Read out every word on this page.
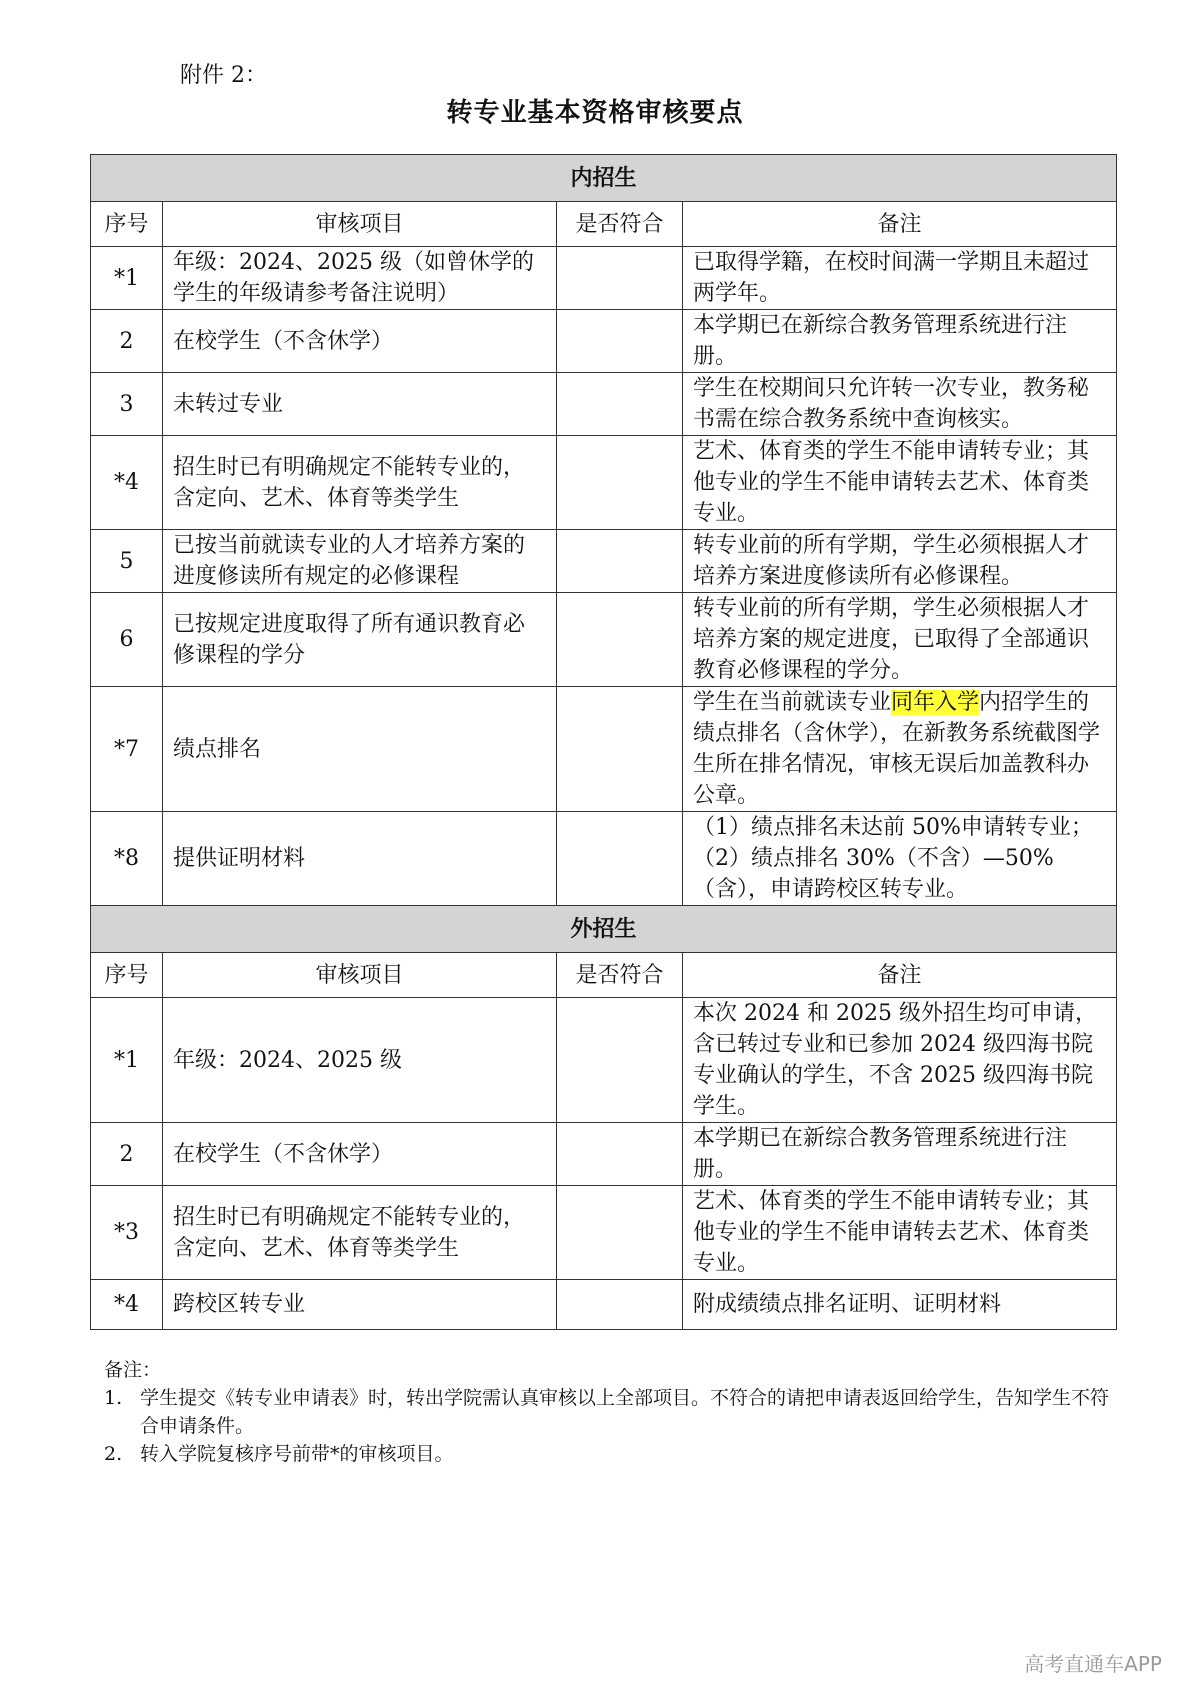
附件 2：
转专业基本资格审核要点
内招生			
序号	审核项目	是否符合	备注
*1	年级：2024、2025 级（如曾休学的学生的年级请参考备注说明）		已取得学籍，在校时间满一学期且未超过两学年。
2	在校学生（不含休学）		本学期已在新综合教务管理系统进行注册。
3	未转过专业		学生在校期间只允许转一次专业，教务秘书需在综合教务系统中查询核实。
*4	招生时已有明确规定不能转专业的，含定向、艺术、体育等类学生		艺术、体育类的学生不能申请转专业；其他专业的学生不能申请转去艺术、体育类专业。
5	已按当前就读专业的人才培养方案的进度修读所有规定的必修课程		转专业前的所有学期，学生必须根据人才培养方案进度修读所有必修课程。
6	已按规定进度取得了所有通识教育必修课程的学分		转专业前的所有学期，学生必须根据人才培养方案的规定进度，已取得了全部通识教育必修课程的学分。
*7	绩点排名		学生在当前就读专业同年入学内招学生的绩点排名（含休学），在新教务系统截图学生所在排名情况，审核无误后加盖教科办公章。
*8	提供证明材料		（1）绩点排名未达前 50%申请转专业；
（2）绩点排名 30%（不含）—50%（含），申请跨校区转专业。

外招生			
序号	审核项目	是否符合	备注
*1	年级：2024、2025 级		本次 2024 和 2025 级外招生均可申请，含已转过专业和已参加 2024 级四海书院专业确认的学生，不含 2025 级四海书院学生。
2	在校学生（不含休学）		本学期已在新综合教务管理系统进行注册。
*3	招生时已有明确规定不能转专业的，含定向、艺术、体育等类学生		艺术、体育类的学生不能申请转专业；其他专业的学生不能申请转去艺术、体育类专业。
*4	跨校区转专业		附成绩绩点排名证明、证明材料
备注：
1. 学生提交《转专业申请表》时，转出学院需认真审核以上全部项目。不符合的请把申请表返回给学生，告知学生不符合申请条件。
2. 转入学院复核序号前带*的审核项目。
高考直通车APP
